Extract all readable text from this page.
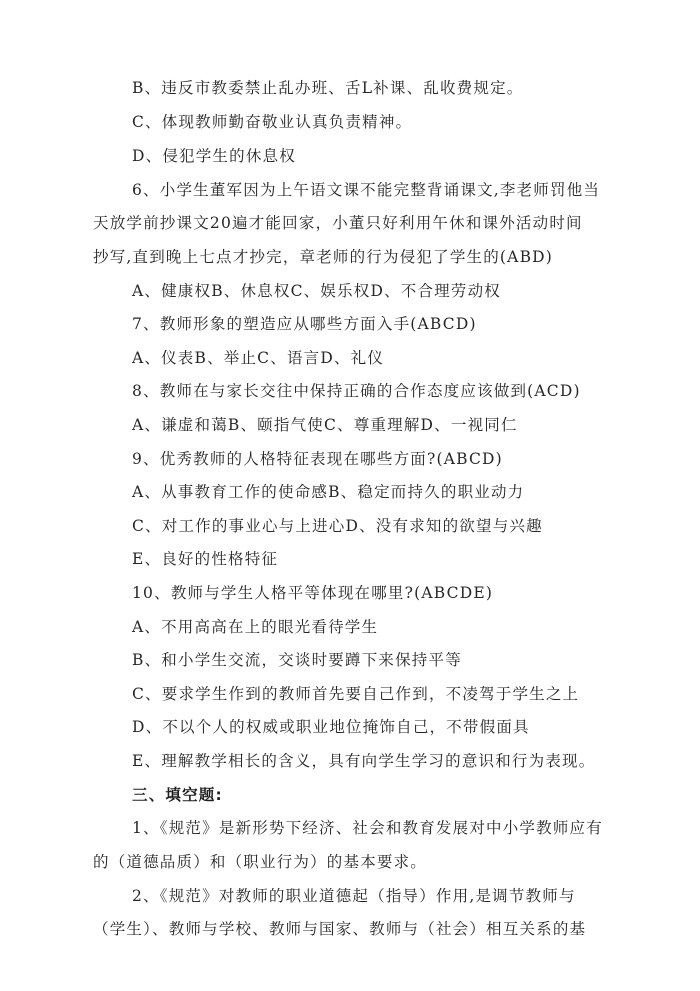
B、违反市教委禁止乱办班、舌L补课、乱收费规定。
C、体现教师勤奋敬业认真负责精神。
D、侵犯学生的休息权
6、小学生董军因为上午语文课不能完整背诵课文,李老师罚他当
天放学前抄课文20遍才能回家，小董只好利用午休和课外活动时间
抄写,直到晚上七点才抄完，章老师的行为侵犯了学生的(ABD)
A、健康权B、休息权C、娱乐权D、不合理劳动权
7、教师形象的塑造应从哪些方面入手(ABCD)
A、仪表B、举止C、语言D、礼仪
8、教师在与家长交往中保持正确的合作态度应该做到(ACD)
A、谦虚和蔼B、颐指气使C、尊重理解D、一视同仁
9、优秀教师的人格特征表现在哪些方面?(ABCD)
A、从事教育工作的使命感B、稳定而持久的职业动力
C、对工作的事业心与上进心D、没有求知的欲望与兴趣
E、良好的性格特征
10、教师与学生人格平等体现在哪里?(ABCDE)
A、不用高高在上的眼光看待学生
B、和小学生交流，交谈时要蹲下来保持平等
C、要求学生作到的教师首先要自己作到，不凌驾于学生之上
D、不以个人的权威或职业地位掩饰自己，不带假面具
E、理解教学相长的含义，具有向学生学习的意识和行为表现。
三、填空题:
1、《规范》是新形势下经济、社会和教育发展对中小学教师应有
的（道德品质）和（职业行为）的基本要求。
2、《规范》对教师的职业道德起（指导）作用,是调节教师与
（学生）、教师与学校、教师与国家、教师与（社会）相互关系的基
